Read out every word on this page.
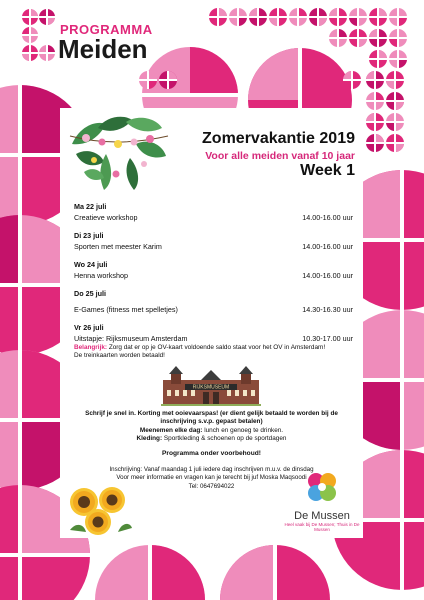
PROGRAMMA
Meiden
Zomervakantie 2019
Voor alle meiden vanaf 10 jaar
Week 1
Ma 22 juli
Creatieve workshop	14.00-16.00 uur
Di 23 juli
Sporten met meester Karim	14.00-16.00 uur
Wo 24 juli
Henna workshop	14.00-16.00 uur
Do 25 juli
E-Games (fitness met spelletjes)	14.30-16.30 uur
Vr 26 juli
Uitstapje: Rijksmuseum Amsterdam	10.30-17.00 uur
Belangrijk: Zorg dat er op je OV-kaart voldoende saldo staat voor het OV in Amsterdam!
De treinkaarten worden betaald!
RIJKSMUSEUM
Schrijf je snel in. Korting met ooievaarspas! (er dient gelijk betaald te worden bij de inschrijving s.v.p. gepast betalen)
Meenemen elke dag: lunch en genoeg te drinken.
Kleding: Sportkleding & schoenen op de sportdagen
Programma onder voorbehoud!
Inschrijving: Vanaf maandag 1 juli iedere dag inschrijven m.u.v. de dinsdag
Voor meer informatie en vragen kan je terecht bij juf Moska Maqsoodi
Tel: 0647694022
De Mussen
Heel vaak bij De Mussen; Thuis in De Mussen
